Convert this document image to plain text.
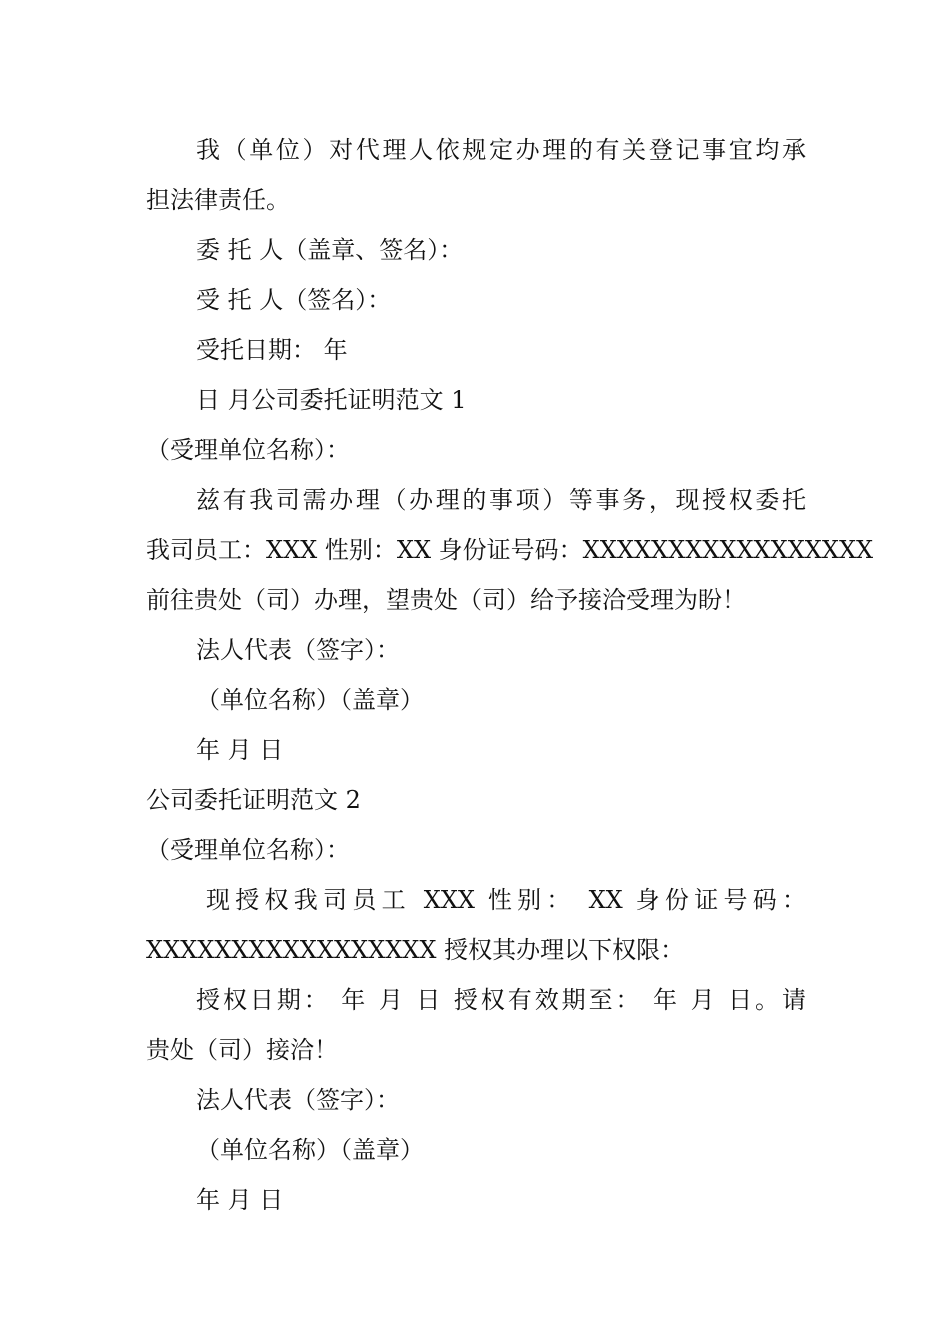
我（单位）对代理人依规定办理的有关登记事宜均承
担法律责任。
委 托 人（盖章、签名）：
受 托 人（签名）：
受托日期： 年
日 月公司委托证明范文 1
（受理单位名称）：
兹有我司需办理（办理的事项）等事务，现授权委托
我司员工：XXX 性别：XX 身份证号码：XXXXXXXXXXXXXXXXX
前往贵处（司）办理，望贵处（司）给予接洽受理为盼！
法人代表（签字）：
（单位名称）（盖章）
年 月 日
公司委托证明范文 2
（受理单位名称）：
现授权我司员工 XXX 性别： XX 身份证号码：
XXXXXXXXXXXXXXXXX 授权其办理以下权限：
授权日期： 年 月 日 授权有效期至： 年 月 日。请
贵处（司）接洽！
法人代表（签字）：
（单位名称）（盖章）
年 月 日
